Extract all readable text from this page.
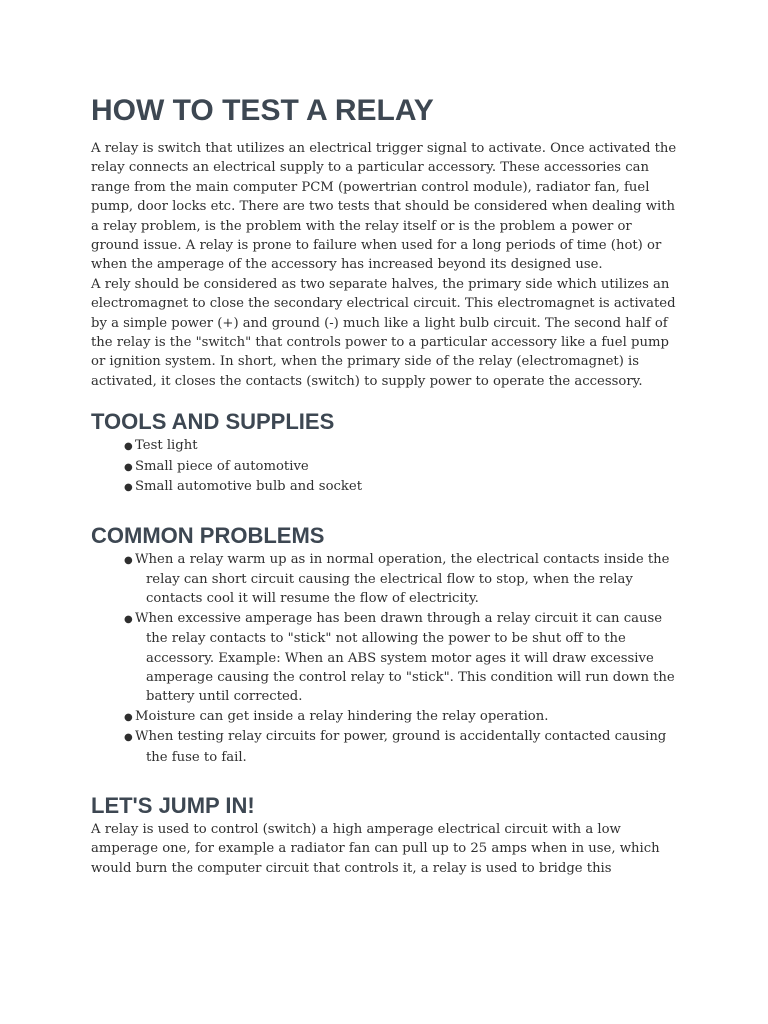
HOW TO TEST A RELAY

A relay is switch that utilizes an electrical trigger signal to activate. Once activated the relay connects an electrical supply to a particular accessory. These accessories can range from the main computer PCM (powertrian control module), radiator fan, fuel pump, door locks etc. There are two tests that should be considered when dealing with a relay problem, is the problem with the relay itself or is the problem a power or ground issue. A relay is prone to failure when used for a long periods of time (hot) or when the amperage of the accessory has increased beyond its designed use.

A rely should be considered as two separate halves, the primary side which utilizes an electromagnet to close the secondary electrical circuit. This electromagnet is activated by a simple power (+) and ground (-) much like a light bulb circuit. The second half of the relay is the "switch" that controls power to a particular accessory like a fuel pump or ignition system. In short, when the primary side of the relay (electromagnet) is activated, it closes the contacts (switch) to supply power to operate the accessory.

TOOLS AND SUPPLIES
● Test light
● Small piece of automotive
● Small automotive bulb and socket
COMMON PROBLEMS
● When a relay warm up as in normal operation, the electrical contacts inside the relay can short circuit causing the electrical flow to stop, when the relay contacts cool it will resume the flow of electricity.
● When excessive amperage has been drawn through a relay circuit it can cause the relay contacts to "stick" not allowing the power to be shut off to the accessory. Example: When an ABS system motor ages it will draw excessive amperage causing the control relay to "stick". This condition will run down the battery until corrected.
● Moisture can get inside a relay hindering the relay operation.
● When testing relay circuits for power, ground is accidentally contacted causing the fuse to fail.
LET'S JUMP IN!

A relay is used to control (switch) a high amperage electrical circuit with a low amperage one, for example a radiator fan can pull up to 25 amps when in use, which would burn the computer circuit that controls it, a relay is used to bridge this
